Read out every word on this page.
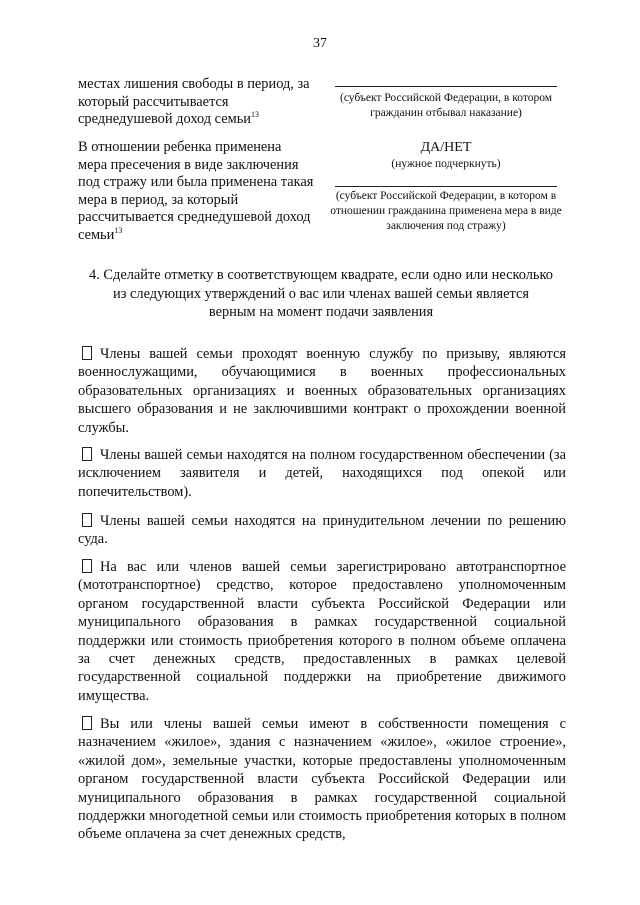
37
местах лишения свободы в период, за который рассчитывается среднедушевой доход семьи$^{13}$
(субъект Российской Федерации, в котором гражданин отбывал наказание)
В отношении ребенка применена мера пресечения в виде заключения под стражу или была применена такая мера в период, за который рассчитывается среднедушевой доход семьи$^{13}$
ДА/НЕТ
(нужное подчеркнуть)
(субъект Российской Федерации, в котором в отношении гражданина применена мера в виде заключения под стражу)
4. Сделайте отметку в соответствующем квадрате, если одно или несколько из следующих утверждений о вас или членах вашей семьи является верным на момент подачи заявления
Члены вашей семьи проходят военную службу по призыву, являются военнослужащими, обучающимися в военных профессиональных образовательных организациях и военных образовательных организациях высшего образования и не заключившими контракт о прохождении военной службы.
Члены вашей семьи находятся на полном государственном обеспечении (за исключением заявителя и детей, находящихся под опекой или попечительством).
Члены вашей семьи находятся на принудительном лечении по решению суда.
На вас или членов вашей семьи зарегистрировано автотранспортное (мототранспортное) средство, которое предоставлено уполномоченным органом государственной власти субъекта Российской Федерации или муниципального образования в рамках государственной социальной поддержки или стоимость приобретения которого в полном объеме оплачена за счет денежных средств, предоставленных в рамках целевой государственной социальной поддержки на приобретение движимого имущества.
Вы или члены вашей семьи имеют в собственности помещения с назначением «жилое», здания с назначением «жилое», «жилое строение», «жилой дом», земельные участки, которые предоставлены уполномоченным органом государственной власти субъекта Российской Федерации или муниципального образования в рамках государственной социальной поддержки многодетной семьи или стоимость приобретения которых в полном объеме оплачена за счет денежных средств,
